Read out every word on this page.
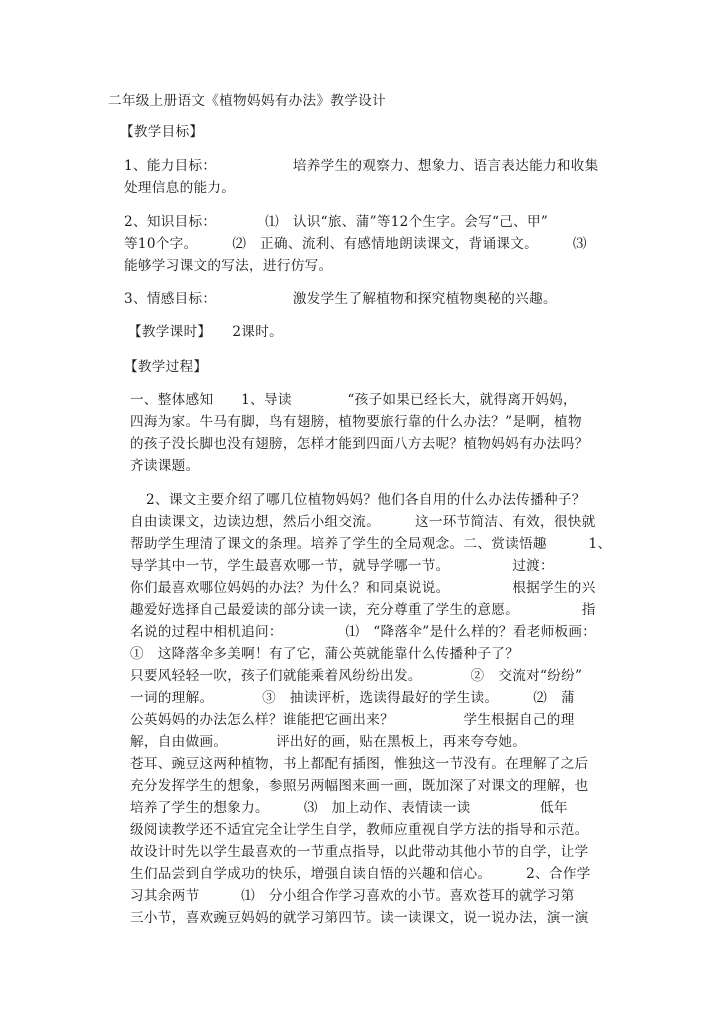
二年级上册语文《植物妈妈有办法》教学设计
【教学目标】
1、能力目标：　　　　　　培养学生的观察力、想象力、语言表达能力和收集
处理信息的能力。
2、知识目标：　　　　⑴　认识“旅、蒲”等12个生字。会写“己、甲”
等10个字。　　　⑵　正确、流利、有感情地朗读课文，背诵课文。　　　⑶
能够学习课文的写法，进行仿写。
3、情感目标：　　　　　　激发学生了解植物和探究植物奥秘的兴趣。
【教学课时】　　2课时。
【教学过程】
一、整体感知　　1、导读　　　　“孩子如果已经长大，就得离开妈妈，
四海为家。牛马有脚，鸟有翅膀，植物要旅行靠的什么办法？”是啊，植物
的孩子没长脚也没有翅膀，怎样才能到四面八方去呢？植物妈妈有办法吗？
齐读课题。
2、课文主要介绍了哪几位植物妈妈？他们各自用的什么办法传播种子？
自由读课文，边读边想，然后小组交流。　　　这一环节简洁、有效，很快就
帮助学生理清了课文的条理。培养了学生的全局观念。二、赏读悟趣　　　1、
导学其中一节，学生最喜欢哪一节，就导学哪一节。　　　　　过渡：
你们最喜欢哪位妈妈的办法？为什么？和同桌说说。　　　　　根据学生的兴
趣爱好选择自己最爱读的部分读一读，充分尊重了学生的意愿。　　　　　指
名说的过程中相机追问：　　　　　⑴　“降落伞”是什么样的？看老师板画：
①　这降落伞多美啊！有了它，蒲公英就能靠什么传播种子了？
只要风轻轻一吹，孩子们就能乘着风纷纷出发。　　　　②　交流对“纷纷”
一词的理解。　　　　③　抽读评析，选读得最好的学生读。　　　⑵　蒲
公英妈妈的办法怎么样？谁能把它画出来？　　　　　学生根据自己的理
解，自由做画。　　　　评出好的画，贴在黑板上，再来夸夸她。
苍耳、豌豆这两种植物，书上都配有插图，惟独这一节没有。在理解了之后
充分发挥学生的想象，参照另两幅图来画一画，既加深了对课文的理解，也
培养了学生的想象力。　　　⑶　加上动作、表情读一读　　　　　低年
级阅读教学还不适宜完全让学生自学，教师应重视自学方法的指导和示范。
故设计时先以学生最喜欢的一节重点指导，以此带动其他小节的自学，让学
生们品尝到自学成功的快乐，增强自读自悟的兴趣和信心。　　　2、合作学
习其余两节　　　⑴　分小组合作学习喜欢的小节。喜欢苍耳的就学习第
三小节，喜欢豌豆妈妈的就学习第四节。读一读课文，说一说办法，演一演
